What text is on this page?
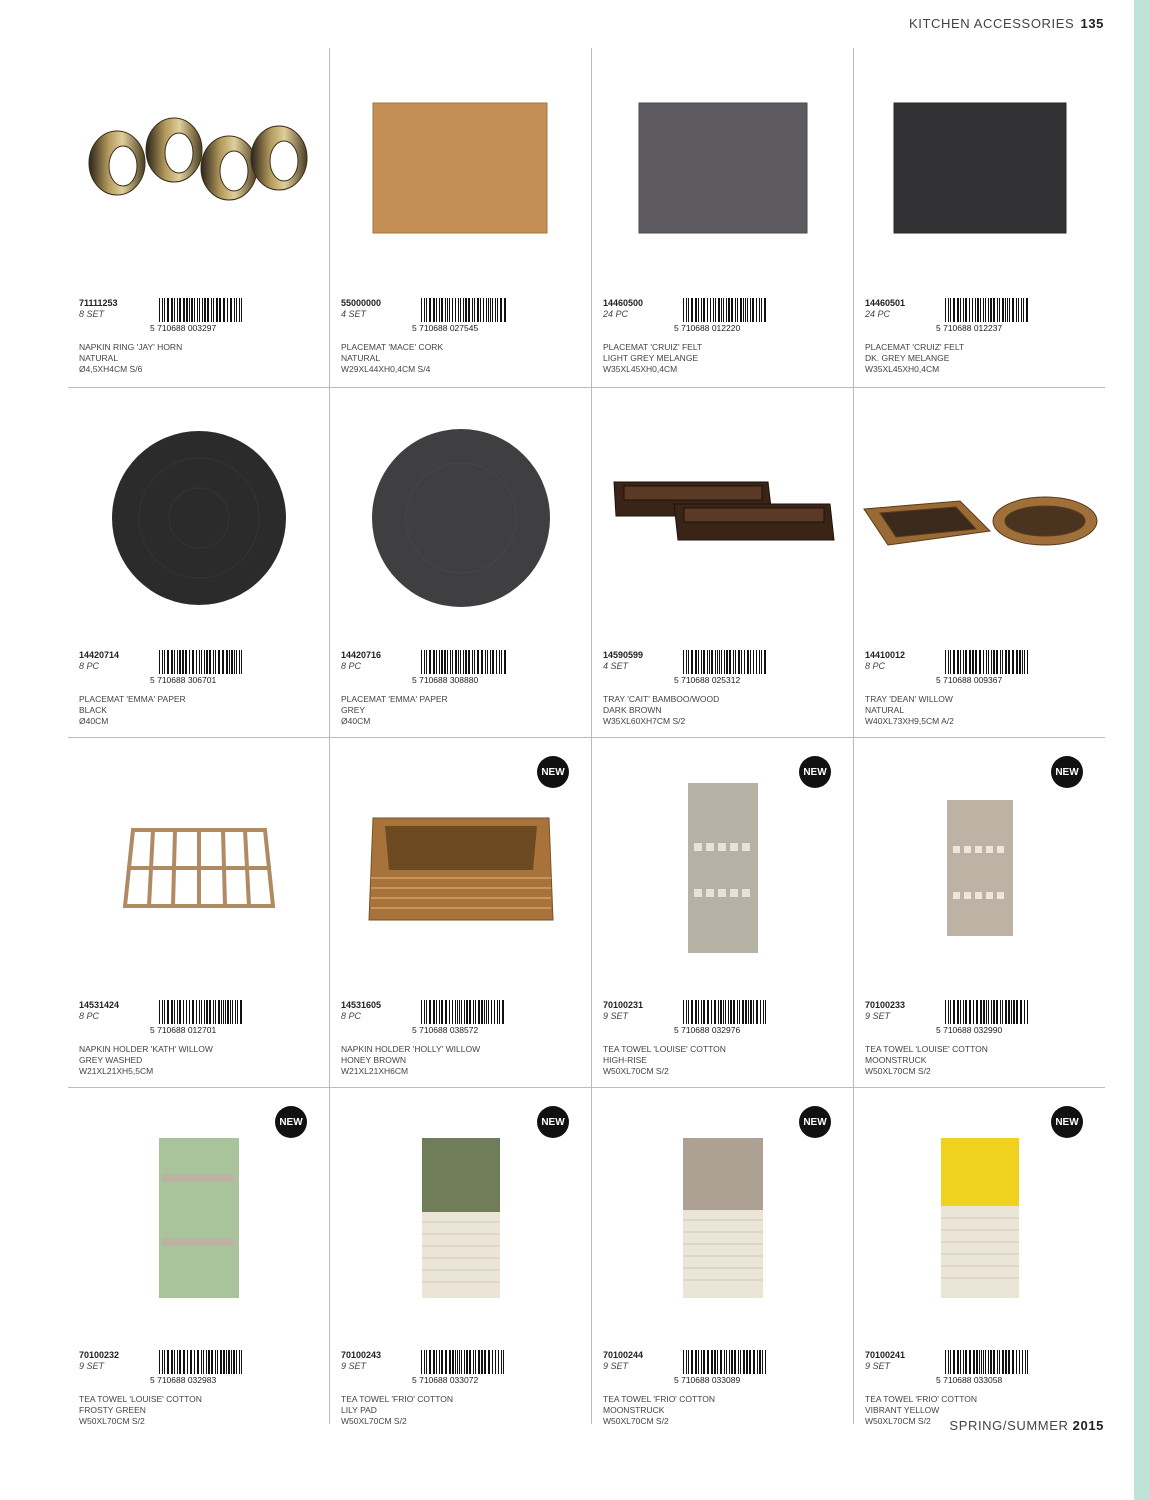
KITCHEN ACCESSORIES 135
71111253
8 SET
5 710688 003297
NAPKIN RING 'JAY' HORN
NATURAL
Ø4,5XH4CM S/6
55000000
4 SET
5 710688 027545
PLACEMAT 'MACE' CORK
NATURAL
W29XL44XH0,4CM S/4
14460500
24 PC
5 710688 012220
PLACEMAT 'CRUIZ' FELT
LIGHT GREY MELANGE
W35XL45XH0,4CM
14460501
24 PC
5 710688 012237
PLACEMAT 'CRUIZ' FELT
DK. GREY MELANGE
W35XL45XH0,4CM
14420714
8 PC
5 710688 306701
PLACEMAT 'EMMA' PAPER
BLACK
Ø40CM
14420716
8 PC
5 710688 308880
PLACEMAT 'EMMA' PAPER
GREY
Ø40CM
14590599
4 SET
5 710688 025312
TRAY 'CAIT' BAMBOO/WOOD
DARK BROWN
W35XL60XH7CM S/2
14410012
8 PC
5 710688 009367
TRAY 'DEAN' WILLOW
NATURAL
W40XL73XH9,5CM A/2
14531424
8 PC
5 710688 012701
NAPKIN HOLDER 'KATH' WILLOW
GREY WASHED
W21XL21XH5,5CM
NEW
14531605
8 PC
5 710688 038572
NAPKIN HOLDER 'HOLLY' WILLOW
HONEY BROWN
W21XL21XH6CM
NEW
70100231
9 SET
5 710688 032976
TEA TOWEL 'LOUISE' COTTON
HIGH-RISE
W50XL70CM S/2
NEW
70100233
9 SET
5 710688 032990
TEA TOWEL 'LOUISE' COTTON
MOONSTRUCK
W50XL70CM S/2
NEW
70100232
9 SET
5 710688 032983
TEA TOWEL 'LOUISE' COTTON
FROSTY GREEN
W50XL70CM S/2
NEW
70100243
9 SET
5 710688 033072
TEA TOWEL 'FRIO' COTTON
LILY PAD
W50XL70CM S/2
NEW
70100244
9 SET
5 710688 033089
TEA TOWEL 'FRIO' COTTON
MOONSTRUCK
W50XL70CM S/2
NEW
70100241
9 SET
5 710688 033058
TEA TOWEL 'FRIO' COTTON
VIBRANT YELLOW
W50XL70CM S/2	SPRING/SUMMER 2015
